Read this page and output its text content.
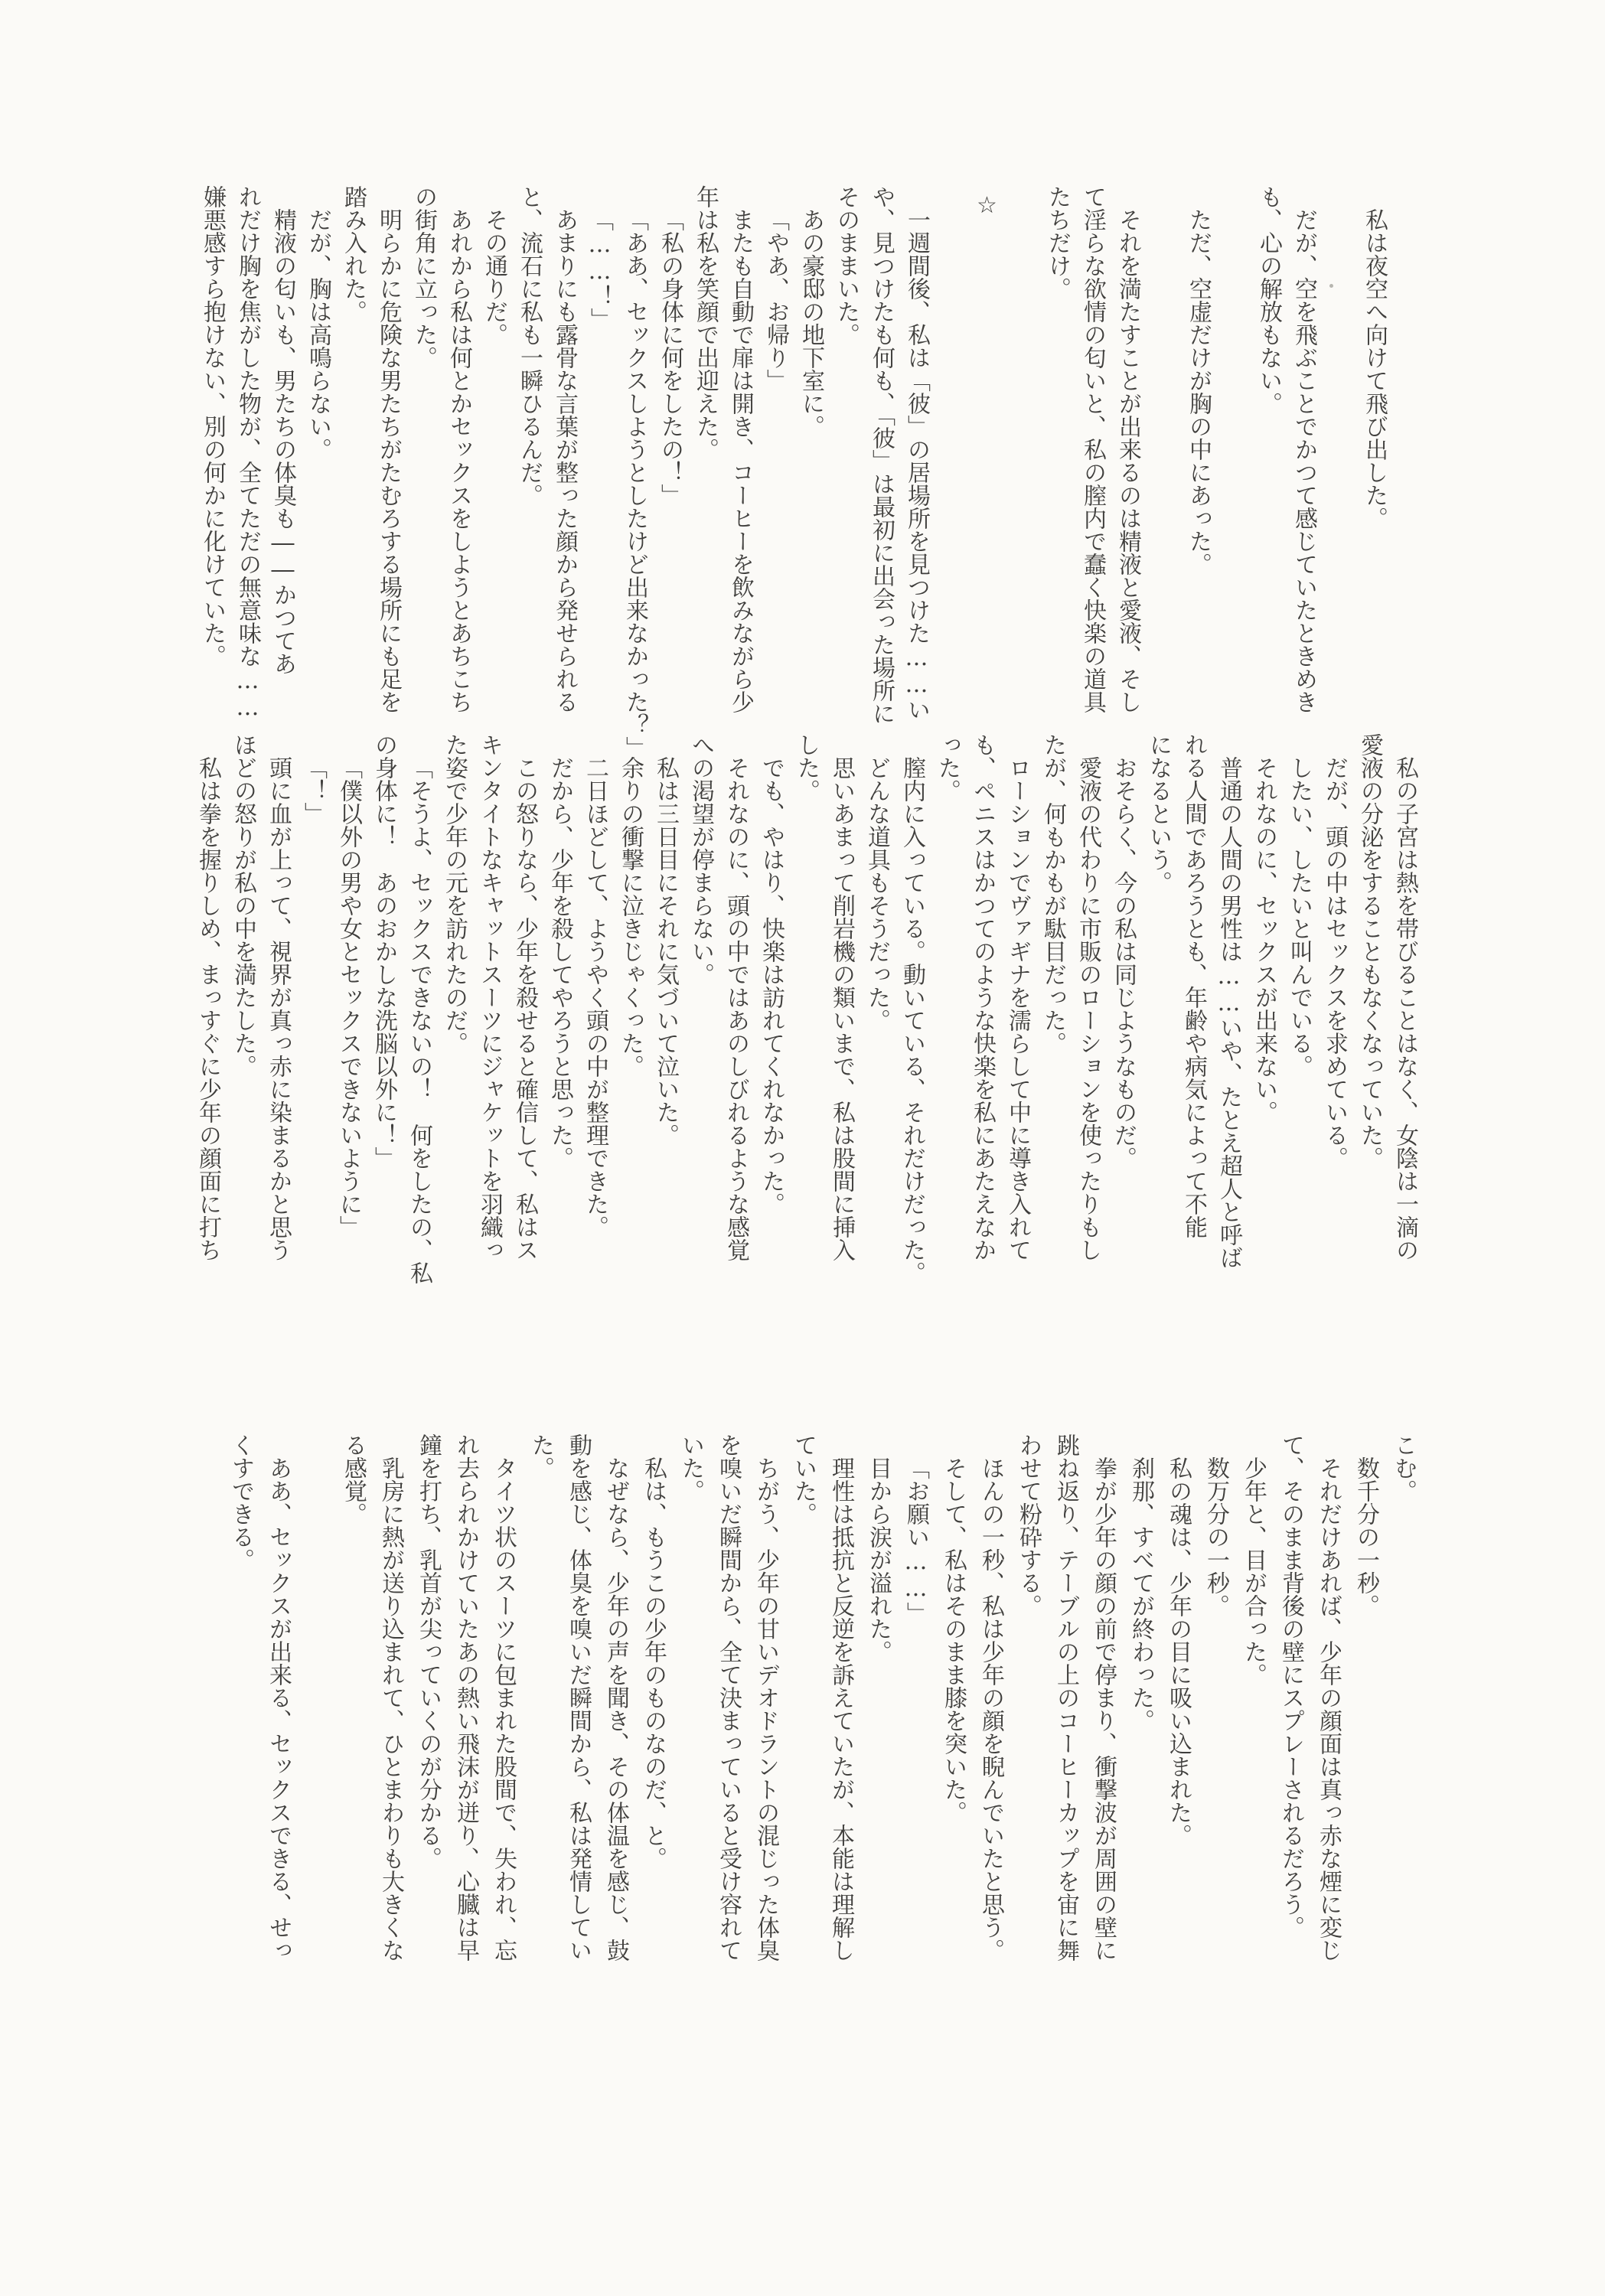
私は夜空へ向けて飛び出した。

だが、空を飛ぶことでかつて感じていたときめき

も、心の解放もない。

ただ、空虚だけが胸の中にあった。

それを満たすことが出来るのは精液と愛液、そし

て淫らな欲情の匂いと、私の膣内で蠢く快楽の道具

たちだけ。

☆

一週間後、私は「彼」の居場所を見つけた……い

や、見つけたも何も、「彼」は最初に出会った場所に

そのままいた。

あの豪邸の地下室に。

「やあ、お帰り」

またも自動で扉は開き、コーヒーを飲みながら少

年は私を笑顔で出迎えた。

「私の身体に何をしたの！」

「ああ、セックスしようとしたけど出来なかった？」

「……！」

あまりにも露骨な言葉が整った顔から発せられる

と、流石に私も一瞬ひるんだ。

その通りだ。

あれから私は何とかセックスをしようとあちこち

の街角に立った。

明らかに危険な男たちがたむろする場所にも足を

踏み入れた。

だが、胸は高鳴らない。

精液の匂いも、男たちの体臭も――かつてあ

れだけ胸を焦がした物が、全てただの無意味な……

嫌悪感すら抱けない、別の何かに化けていた。

私の子宮は熱を帯びることはなく、女陰は一滴の

愛液の分泌をすることもなくなっていた。

だが、頭の中はセックスを求めている。

したい、したいと叫んでいる。

それなのに、セックスが出来ない。

普通の人間の男性は……いや、たとえ超人と呼ば

れる人間であろうとも、年齢や病気によって不能

になるという。

おそらく、今の私は同じようなものだ。

愛液の代わりに市販のローションを使ったりもし

たが、何もかもが駄目だった。

ローションでヴァギナを濡らして中に導き入れて

も、ペニスはかつてのような快楽を私にあたえなか

った。

膣内に入っている。動いている、それだけだった。

どんな道具もそうだった。

思いあまって削岩機の類いまで、私は股間に挿入

した。

でも、やはり、快楽は訪れてくれなかった。

それなのに、頭の中ではあのしびれるような感覚

への渇望が停まらない。

私は三日目にそれに気づいて泣いた。

余りの衝撃に泣きじゃくった。

二日ほどして、ようやく頭の中が整理できた。

だから、少年を殺してやろうと思った。

この怒りなら、少年を殺せると確信して、私はス

キンタイトなキャットスーツにジャケットを羽織っ

た姿で少年の元を訪れたのだ。

「そうよ、セックスできないの！　何をしたの、私

の身体に！　あのおかしな洗脳以外に！」

「僕以外の男や女とセックスできないように」

「！」

頭に血が上って、視界が真っ赤に染まるかと思う

ほどの怒りが私の中を満たした。

私は拳を握りしめ、まっすぐに少年の顔面に打ち

こむ。

数千分の一秒。

それだけあれば、少年の顔面は真っ赤な煙に変じ

て、そのまま背後の壁にスプレーされるだろう。

少年と、目が合った。

数万分の一秒。

私の魂は、少年の目に吸い込まれた。

刹那、すべてが終わった。

拳が少年の顔の前で停まり、衝撃波が周囲の壁に

跳ね返り、テーブルの上のコーヒーカップを宙に舞

わせて粉砕する。

ほんの一秒、私は少年の顔を睨んでいたと思う。

そして、私はそのまま膝を突いた。

「お願い……」

目から涙が溢れた。

理性は抵抗と反逆を訴えていたが、本能は理解し

ていた。

ちがう、少年の甘いデオドラントの混じった体臭

を嗅いだ瞬間から、全て決まっていると受け容れて

いた。

私は、もうこの少年のものなのだ、と。

なぜなら、少年の声を聞き、その体温を感じ、鼓

動を感じ、体臭を嗅いだ瞬間から、私は発情してい

た。

タイツ状のスーツに包まれた股間で、失われ、忘

れ去られかけていたあの熱い飛沫が迸り、心臓は早

鐘を打ち、乳首が尖っていくのが分かる。

乳房に熱が送り込まれて、ひとまわりも大きくな

る感覚。

ああ、セックスが出来る、セックスできる、せっ

くすできる。
